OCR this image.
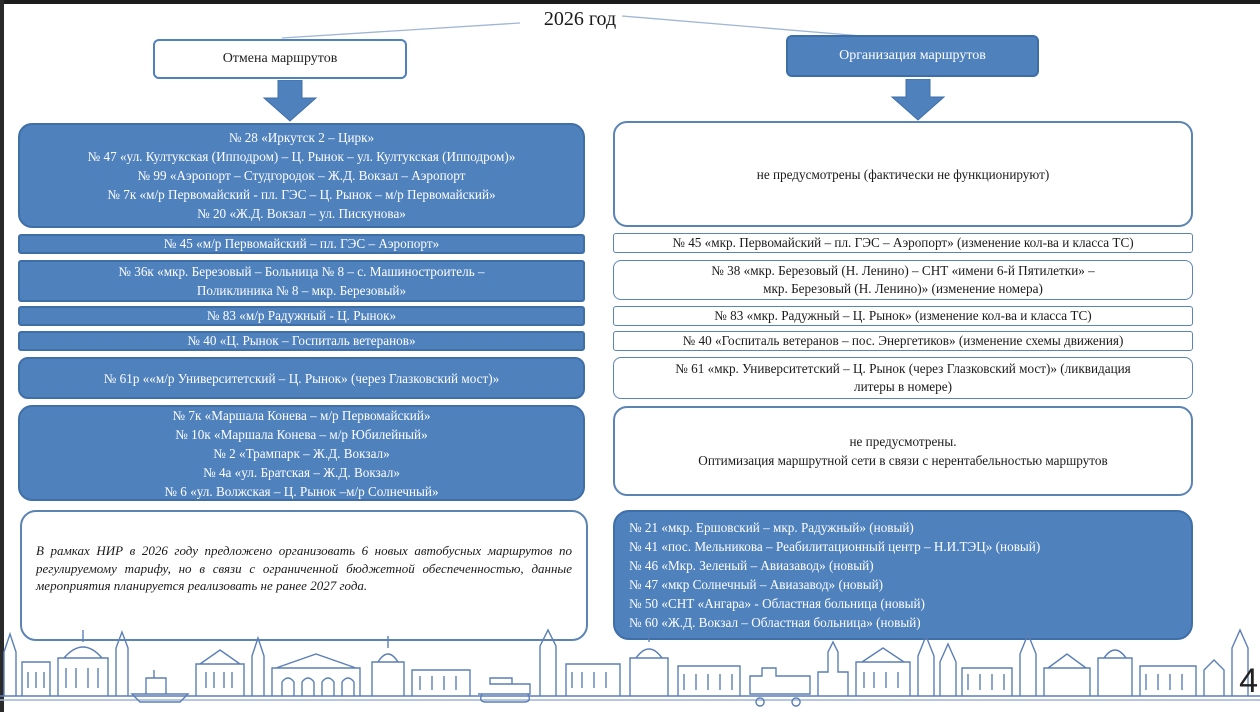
2026 год
Отмена маршрутов	Организация маршрутов
№ 28 «Иркутск 2 – Цирк»
№ 47 «ул. Култукская (Ипподром) – Ц. Рынок – ул. Култукская (Ипподром)»
№ 99 «Аэропорт – Студгородок – Ж.Д. Вокзал – Аэропорт
№ 7к «м/р Первомайский - пл. ГЭС – Ц. Рынок – м/р Первомайский»
№ 20 «Ж.Д. Вокзал – ул. Пискунова»
№ 45 «м/р Первомайский – пл. ГЭС – Аэропорт»
№ 36к «мкр. Березовый – Больница № 8 – с. Машиностроитель –
Поликлиника № 8 – мкр. Березовый»
№ 83 «м/р Радужный - Ц. Рынок»
№ 40 «Ц. Рынок – Госпиталь ветеранов»
№ 61р ««м/р Университетский – Ц. Рынок» (через Глазковский мост)»
№ 7к «Маршала Конева – м/р Первомайский»
№ 10к «Маршала Конева – м/р Юбилейный»
№ 2 «Трампарк – Ж.Д. Вокзал»
№ 4а «ул. Братская – Ж.Д. Вокзал»
№ 6 «ул. Волжская – Ц. Рынок –м/р Солнечный»
В рамках НИР в 2026 году предложено организовать 6 новых автобусных маршрутов по регулируемому тарифу, но в связи с ограниченной бюджетной обеспеченностью, данные мероприятия планируется реализовать не ранее 2027 года.
не предусмотрены (фактически не функционируют)
№ 45 «мкр. Первомайский – пл. ГЭС – Аэропорт» (изменение кол-ва и класса ТС)
№ 38 «мкр. Березовый (Н. Ленино) – СНТ «имени 6-й Пятилетки» –
мкр. Березовый (Н. Ленино)» (изменение номера)
№ 83 «мкр. Радужный – Ц. Рынок» (изменение кол-ва и класса ТС)
№ 40 «Госпиталь ветеранов – пос. Энергетиков» (изменение схемы движения)
№ 61 «мкр. Университетский – Ц. Рынок (через Глазковский мост)» (ликвидация
литеры в номере)
не предусмотрены.
Оптимизация маршрутной сети в связи с нерентабельностью маршрутов
№ 21 «мкр. Ершовский – мкр. Радужный» (новый)
№ 41 «пос. Мельникова – Реабилитационный центр – Н.И.ТЭЦ» (новый)
№ 46 «Мкр. Зеленый – Авиазавод» (новый)
№ 47 «мкр Солнечный – Авиазавод» (новый)
№ 50 «СНТ «Ангара» - Областная больница (новый)
№ 60 «Ж.Д. Вокзал – Областная больница» (новый)
4
